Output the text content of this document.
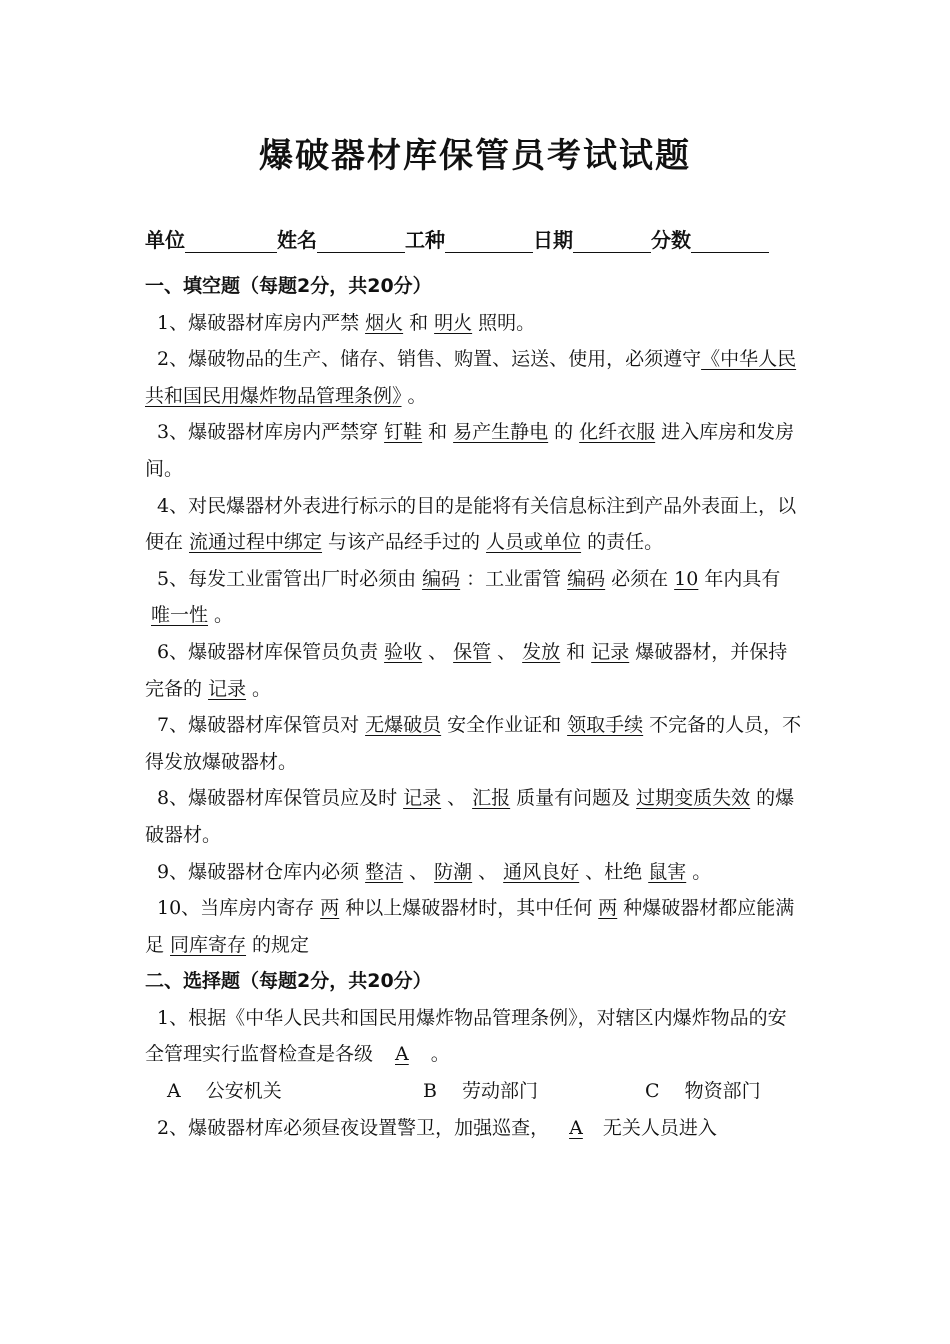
爆破器材库保管员考试试题
单位	姓名	工种	日期	分数
一、填空题（每题2分，共20分）
1、爆破器材库房内严禁 烟火 和 明火 照明。
2、爆破物品的生产、储存、销售、购置、运送、使用，必须遵守《中华人民共和国民用爆炸物品管理条例》 。
3、爆破器材库房内严禁穿 钉鞋 和 易产生静电 的 化纤衣服 进入库房和发房间。
4、对民爆器材外表进行标示的目的是能将有关信息标注到产品外表面上，以便在 流通过程中绑定 与该产品经手过的 人员或单位 的责任。
5、每发工业雷管出厂时必须由 编码 ：工业雷管 编码 必须在 10 年内具有唯一性 。
6、爆破器材库保管员负责 验收 、 保管 、 发放 和 记录 爆破器材，并保持完备的 记录 。
7、爆破器材库保管员对 无爆破员 安全作业证和 领取手续 不完备的人员，不得发放爆破器材。
8、爆破器材库保管员应及时 记录 、 汇报 质量有问题及 过期变质失效 的爆破器材。
9、爆破器材仓库内必须 整洁 、 防潮 、 通风良好 、杜绝 鼠害 。
10、当库房内寄存 两 种以上爆破器材时，其中任何 两 种爆破器材都应能满足 同库寄存 的规定
二、选择题（每题2分，共20分）
1、根据《中华人民共和国民用爆炸物品管理条例》，对辖区内爆炸物品的安全管理实行监督检查是各级 A 。
A　 公安机关	B　 劳动部门	C　 物资部门
2、爆破器材库必须昼夜设置警卫，加强巡查， A 无关人员进入
